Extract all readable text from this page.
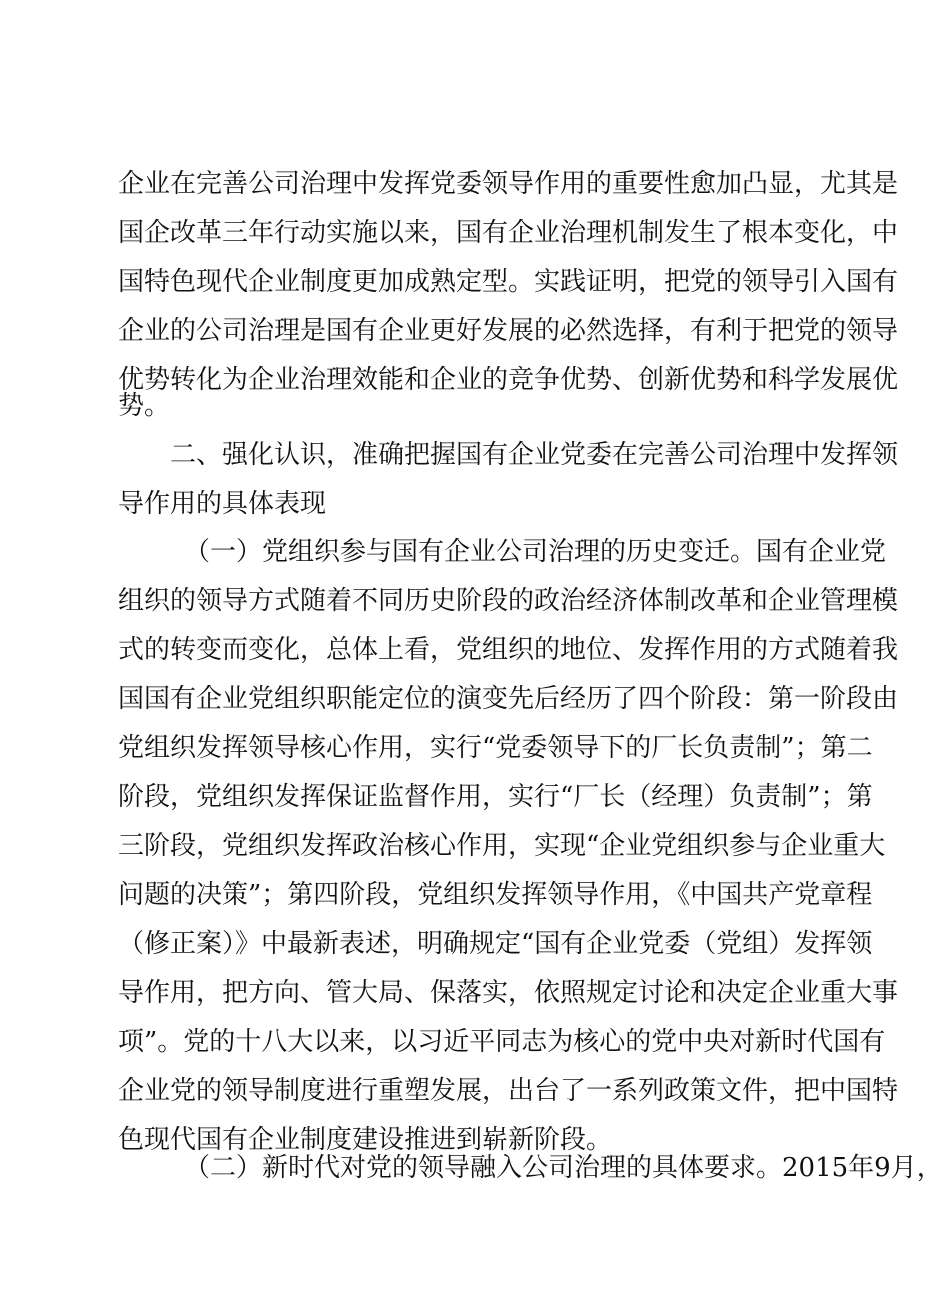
企业在完善公司治理中发挥党委领导作用的重要性愈加凸显，尤其是
国企改革三年行动实施以来，国有企业治理机制发生了根本变化，中
国特色现代企业制度更加成熟定型。实践证明，把党的领导引入国有
企业的公司治理是国有企业更好发展的必然选择，有利于把党的领导
优势转化为企业治理效能和企业的竞争优势、创新优势和科学发展优
势。
二、强化认识，准确把握国有企业党委在完善公司治理中发挥领
导作用的具体表现
（一）党组织参与国有企业公司治理的历史变迁。国有企业党
组织的领导方式随着不同历史阶段的政治经济体制改革和企业管理模
式的转变而变化，总体上看，党组织的地位、发挥作用的方式随着我
国国有企业党组织职能定位的演变先后经历了四个阶段：第一阶段由
党组织发挥领导核心作用，实行“党委领导下的厂长负责制”；第二
阶段，党组织发挥保证监督作用，实行“厂长（经理）负责制”；第
三阶段，党组织发挥政治核心作用，实现“企业党组织参与企业重大
问题的决策”；第四阶段，党组织发挥领导作用，《中国共产党章程
（修正案）》中最新表述，明确规定“国有企业党委（党组）发挥领
导作用，把方向、管大局、保落实，依照规定讨论和决定企业重大事
项”。党的十八大以来，以习近平同志为核心的党中央对新时代国有
企业党的领导制度进行重塑发展，出台了一系列政策文件，把中国特
色现代国有企业制度建设推进到崭新阶段。
（二）新时代对党的领导融入公司治理的具体要求。2015年9月，
